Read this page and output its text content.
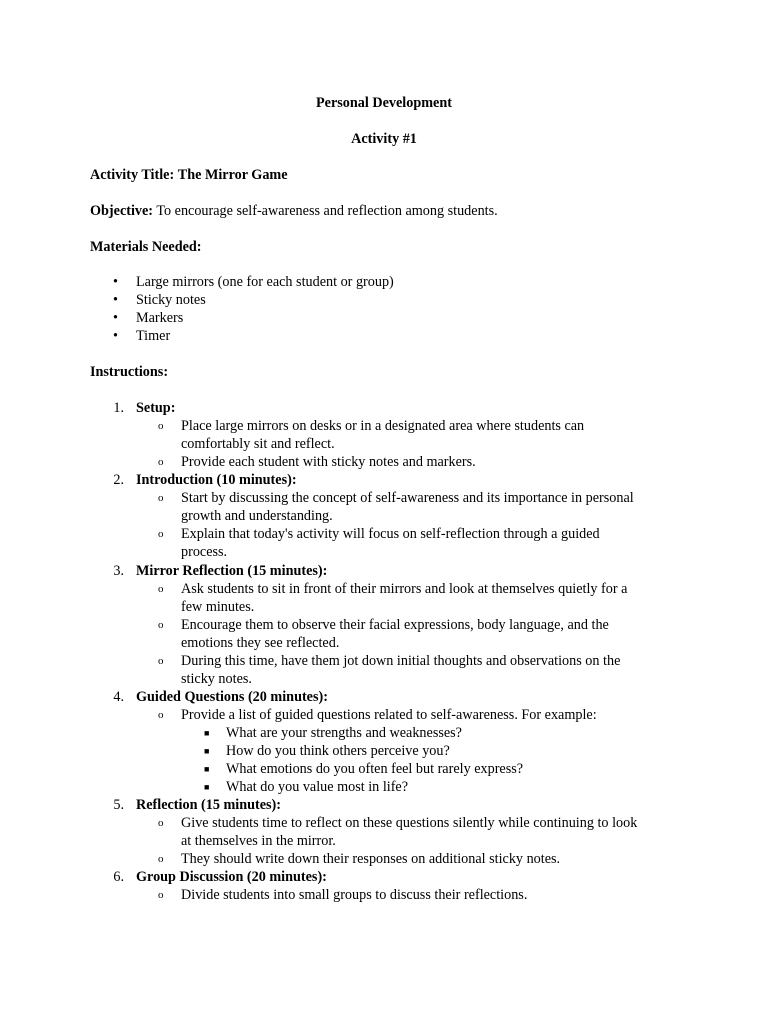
Personal Development
Activity #1
Activity Title: The Mirror Game
Objective: To encourage self-awareness and reflection among students.
Materials Needed:
• Large mirrors (one for each student or group)
• Sticky notes
• Markers
• Timer
Instructions:
1. Setup:
o Place large mirrors on desks or in a designated area where students can
comfortably sit and reflect.
o Provide each student with sticky notes and markers.
2. Introduction (10 minutes):
o Start by discussing the concept of self-awareness and its importance in personal
growth and understanding.
o Explain that today's activity will focus on self-reflection through a guided
process.
3. Mirror Reflection (15 minutes):
o Ask students to sit in front of their mirrors and look at themselves quietly for a
few minutes.
o Encourage them to observe their facial expressions, body language, and the
emotions they see reflected.
o During this time, have them jot down initial thoughts and observations on the
sticky notes.
4. Guided Questions (20 minutes):
o Provide a list of guided questions related to self-awareness. For example:
■ What are your strengths and weaknesses?
■ How do you think others perceive you?
■ What emotions do you often feel but rarely express?
■ What do you value most in life?
5. Reflection (15 minutes):
o Give students time to reflect on these questions silently while continuing to look
at themselves in the mirror.
o They should write down their responses on additional sticky notes.
6. Group Discussion (20 minutes):
o Divide students into small groups to discuss their reflections.
